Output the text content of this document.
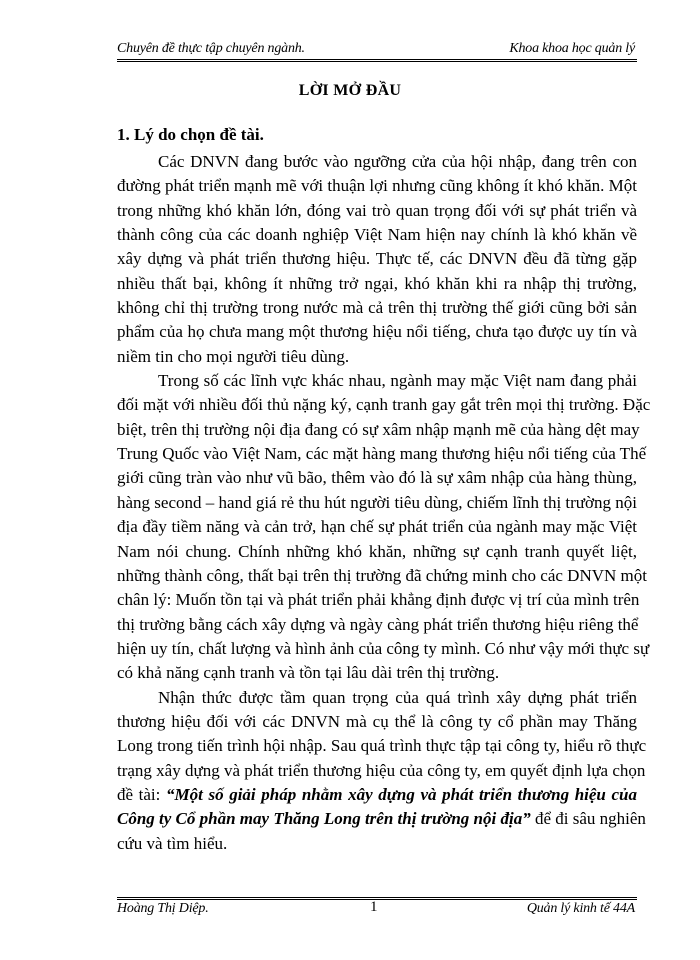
Chuyên đề thực tập chuyên ngành.	Khoa khoa học quản lý
LỜI MỞ ĐẦU
1. Lý do chọn đề tài.
Các DNVN đang bước vào ngưỡng cửa của hội nhập, đang trên con
đường phát triển mạnh mẽ với thuận lợi nhưng cũng không ít khó khăn. Một
trong những khó khăn lớn, đóng vai trò quan trọng đối với sự phát triển và
thành công của các doanh nghiệp Việt Nam hiện nay chính là khó khăn về
xây dựng và phát triển thương hiệu. Thực tế, các DNVN đều đã từng gặp
nhiều thất bại, không ít những trở ngại, khó khăn khi ra nhập thị trường,
không chỉ thị trường trong nước mà cả trên thị trường thế giới cũng bởi sản
phẩm của họ chưa mang một thương hiệu nổi tiếng, chưa tạo được uy tín và
niềm tin cho mọi người tiêu dùng.
Trong số các lĩnh vực khác nhau, ngành may mặc Việt nam đang phải
đối mặt với nhiều đối thủ nặng ký, cạnh tranh gay gắt trên mọi thị trường. Đặc
biệt, trên thị trường nội địa đang có sự xâm nhập mạnh mẽ của hàng dệt may
Trung Quốc vào Việt Nam, các mặt hàng mang thương hiệu nổi tiếng của Thế
giới cũng tràn vào như vũ bão, thêm vào đó là sự xâm nhập của hàng thùng,
hàng second – hand giá rẻ thu hút người tiêu dùng, chiếm lĩnh thị trường nội
địa đầy tiềm năng và cản trở, hạn chế sự phát triển của ngành may mặc Việt
Nam nói chung. Chính những khó khăn, những sự cạnh tranh quyết liệt,
những thành công, thất bại trên thị trường đã chứng minh cho các DNVN một
chân lý: Muốn tồn tại và phát triển phải khẳng định được vị trí của mình trên
thị trường bằng cách xây dựng và ngày càng phát triển thương hiệu riêng thể
hiện uy tín, chất lượng và hình ảnh của công ty mình. Có như vậy mới thực sự
có khả năng cạnh tranh và tồn tại lâu dài trên thị trường.
Nhận thức được tầm quan trọng của quá trình xây dựng phát triển
thương hiệu đối với các DNVN mà cụ thể là công ty cổ phần may Thăng
Long trong tiến trình hội nhập. Sau quá trình thực tập tại công ty, hiểu rõ thực
trạng xây dựng và phát triển thương hiệu của công ty, em quyết định lựa chọn
đề tài: “Một số giải pháp nhằm xây dựng và phát triển thương hiệu của
Công ty Cổ phần may Thăng Long trên thị trường nội địa” để đi sâu nghiên
cứu và tìm hiểu.
Hoàng Thị Diệp.	1	Quản lý kinh tế 44A
